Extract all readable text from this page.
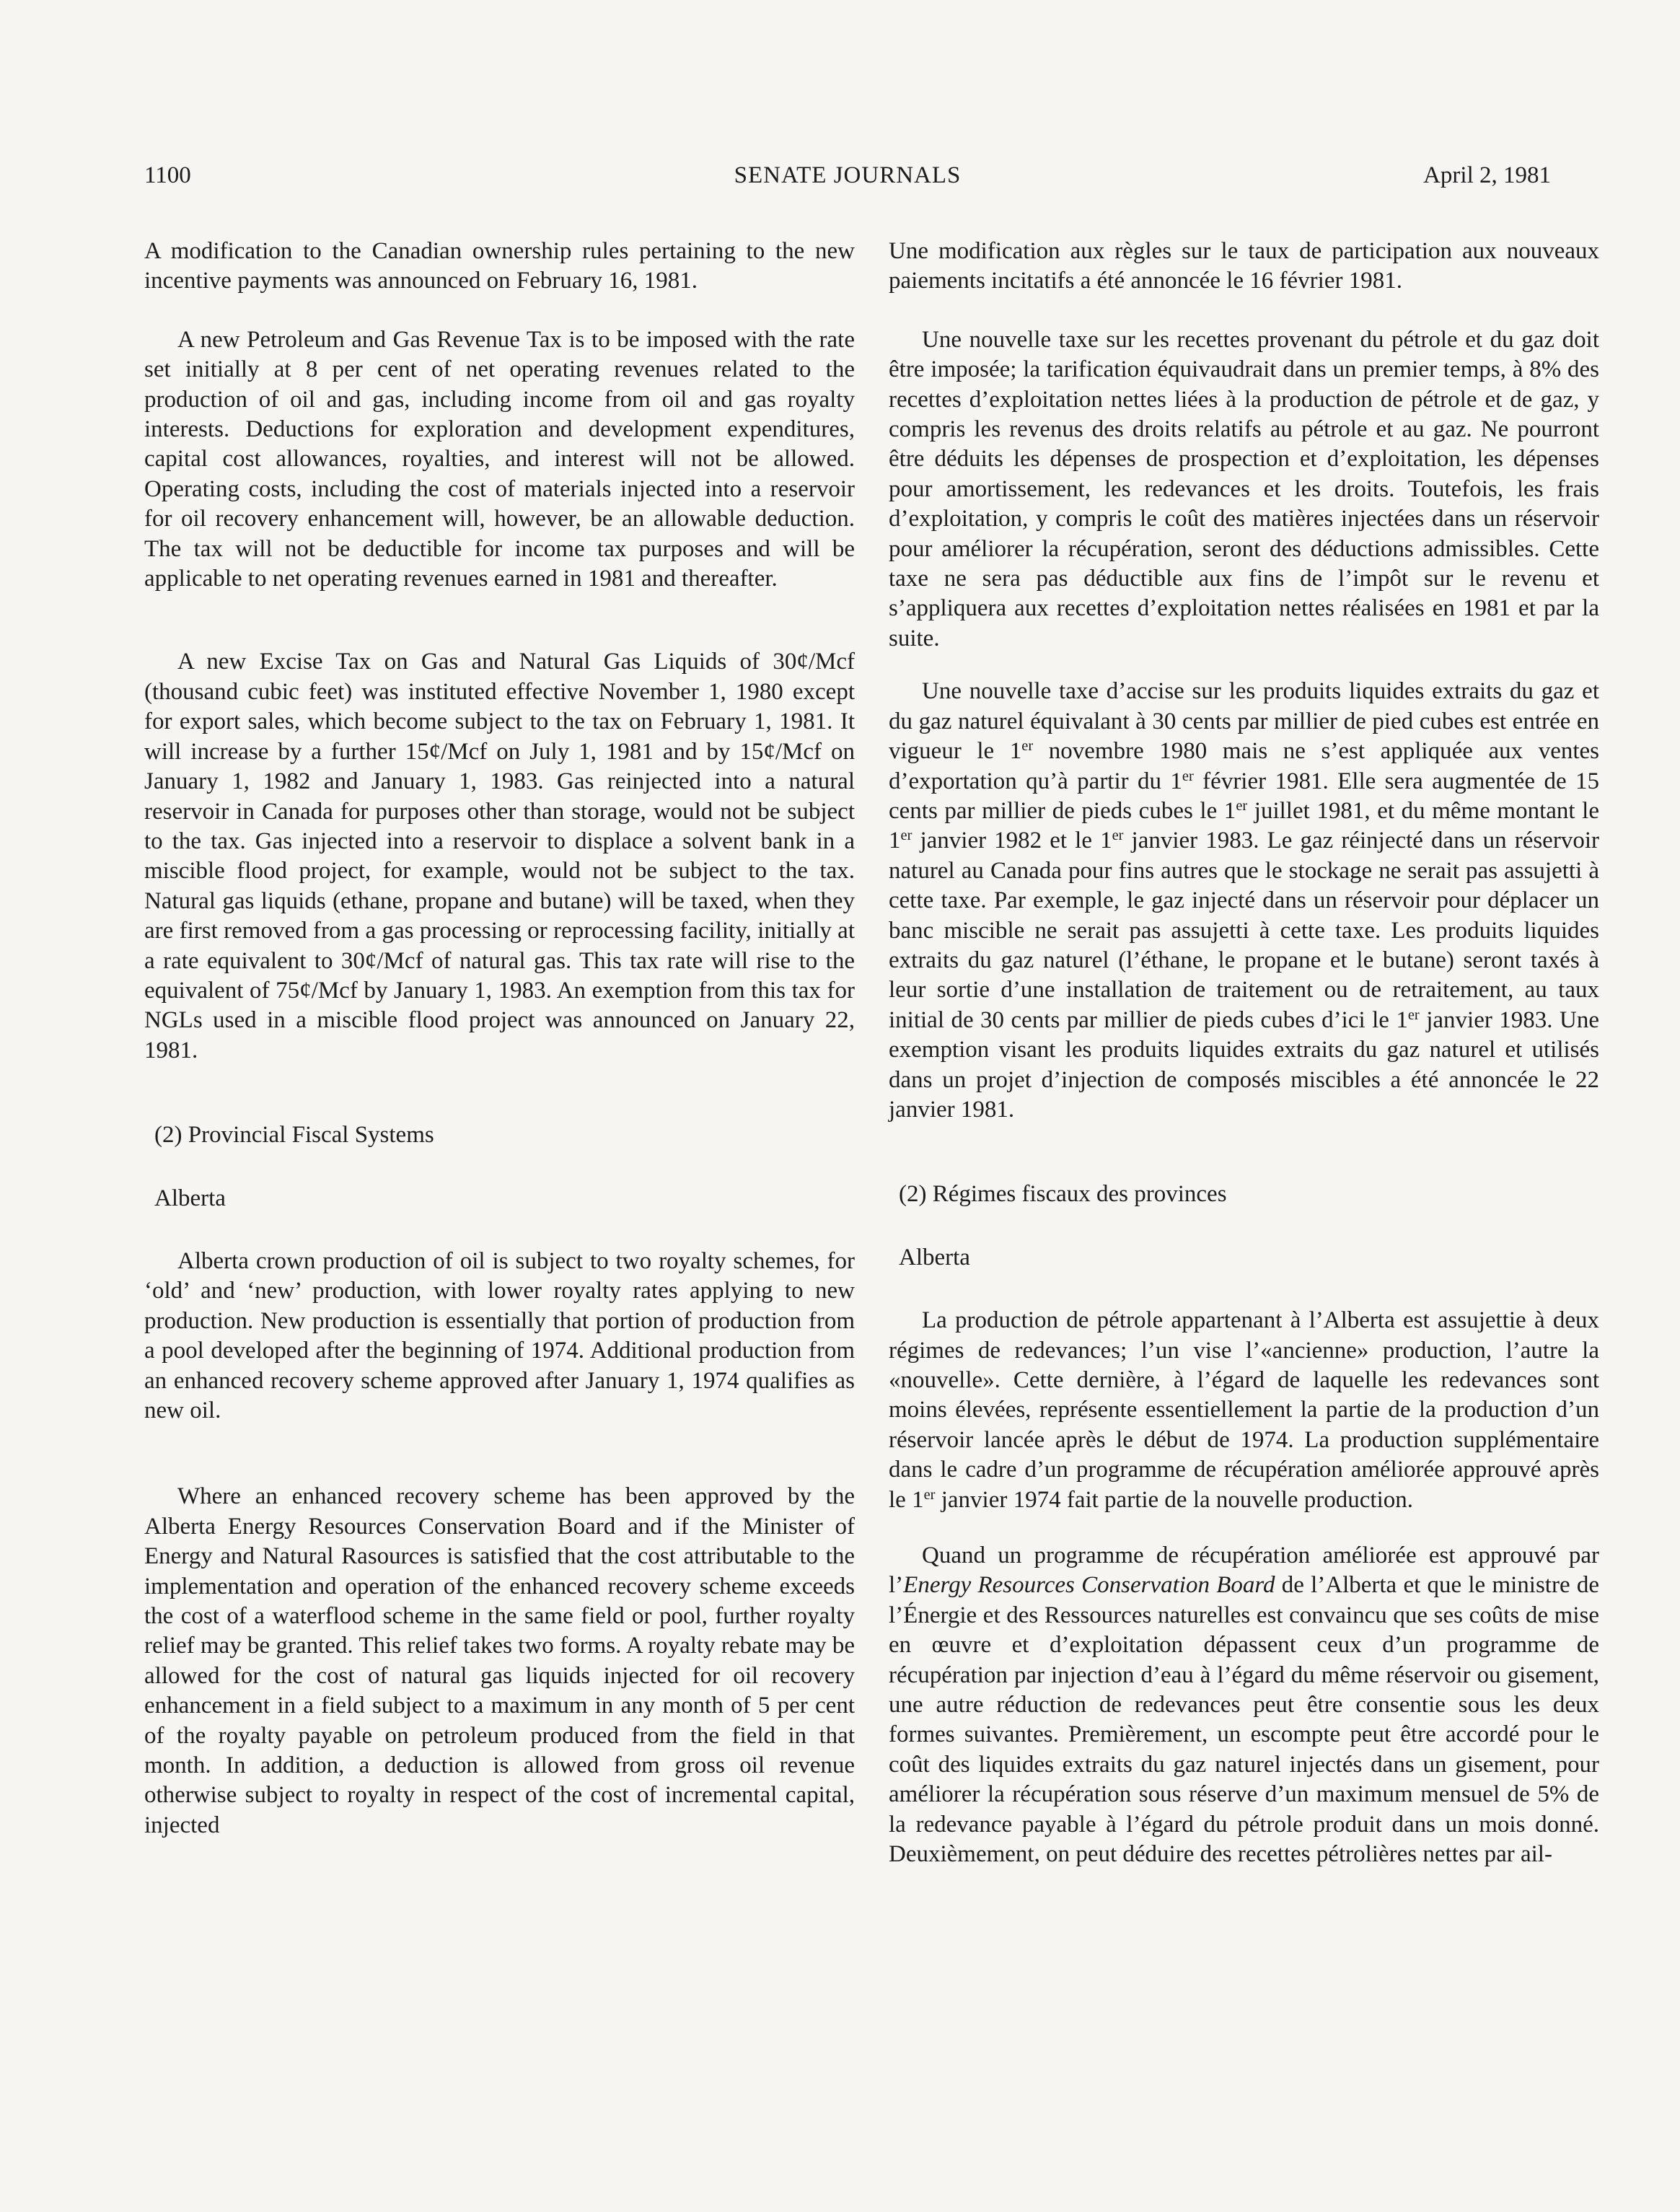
1100	SENATE JOURNALS	April 2, 1981

A modification to the Canadian ownership rules pertaining to the new incentive payments was announced on February 16, 1981.

A new Petroleum and Gas Revenue Tax is to be imposed with the rate set initially at 8 per cent of net operating revenues related to the production of oil and gas, including income from oil and gas royalty interests. Deductions for exploration and development expenditures, capital cost allowances, royalties, and interest will not be allowed. Operating costs, including the cost of materials injected into a reservoir for oil recovery enhancement will, however, be an allowable deduction. The tax will not be deductible for income tax purposes and will be applicable to net operating revenues earned in 1981 and thereafter.

A new Excise Tax on Gas and Natural Gas Liquids of 30¢/Mcf (thousand cubic feet) was instituted effective November 1, 1980 except for export sales, which become subject to the tax on February 1, 1981. It will increase by a further 15¢/Mcf on July 1, 1981 and by 15¢/Mcf on January 1, 1982 and January 1, 1983. Gas reinjected into a natural reservoir in Canada for purposes other than storage, would not be subject to the tax. Gas injected into a reservoir to displace a solvent bank in a miscible flood project, for example, would not be subject to the tax. Natural gas liquids (ethane, propane and butane) will be taxed, when they are first removed from a gas processing or reprocessing facility, initially at a rate equivalent to 30¢/Mcf of natural gas. This tax rate will rise to the equivalent of 75¢/Mcf by January 1, 1983. An exemption from this tax for NGLs used in a miscible flood project was announced on January 22, 1981.

(2) Provincial Fiscal Systems
Alberta

Alberta crown production of oil is subject to two royalty schemes, for ‘old’ and ‘new’ production, with lower royalty rates applying to new production. New production is essentially that portion of production from a pool developed after the beginning of 1974. Additional production from an enhanced recovery scheme approved after January 1, 1974 qualifies as new oil.

Where an enhanced recovery scheme has been approved by the Alberta Energy Resources Conservation Board and if the Minister of Energy and Natural Rasources is satisfied that the cost attributable to the implementation and operation of the enhanced recovery scheme exceeds the cost of a waterflood scheme in the same field or pool, further royalty relief may be granted. This relief takes two forms. A royalty rebate may be allowed for the cost of natural gas liquids injected for oil recovery enhancement in a field subject to a maximum in any month of 5 per cent of the royalty payable on petroleum produced from the field in that month. In addition, a deduction is allowed from gross oil revenue otherwise subject to royalty in respect of the cost of incremental capital, injected

Une modification aux règles sur le taux de participation aux nouveaux paiements incitatifs a été annoncée le 16 février 1981.

Une nouvelle taxe sur les recettes provenant du pétrole et du gaz doit être imposée; la tarification équivaudrait dans un premier temps, à 8% des recettes d’exploitation nettes liées à la production de pétrole et de gaz, y compris les revenus des droits relatifs au pétrole et au gaz. Ne pourront être déduits les dépenses de prospection et d’exploitation, les dépenses pour amortissement, les redevances et les droits. Toutefois, les frais d’exploitation, y compris le coût des matières injectées dans un réservoir pour améliorer la récupération, seront des déductions admissibles. Cette taxe ne sera pas déductible aux fins de l’impôt sur le revenu et s’appliquera aux recettes d’exploitation nettes réalisées en 1981 et par la suite.

Une nouvelle taxe d’accise sur les produits liquides extraits du gaz et du gaz naturel équivalant à 30 cents par millier de pied cubes est entrée en vigueur le 1er novembre 1980 mais ne s’est appliquée aux ventes d’exportation qu’à partir du 1er février 1981. Elle sera augmentée de 15 cents par millier de pieds cubes le 1er juillet 1981, et du même montant le 1er janvier 1982 et le 1er janvier 1983. Le gaz réinjecté dans un réservoir naturel au Canada pour fins autres que le stockage ne serait pas assujetti à cette taxe. Par exemple, le gaz injecté dans un réservoir pour déplacer un banc miscible ne serait pas assujetti à cette taxe. Les produits liquides extraits du gaz naturel (l’éthane, le propane et le butane) seront taxés à leur sortie d’une installation de traitement ou de retraitement, au taux initial de 30 cents par millier de pieds cubes d’ici le 1er janvier 1983. Une exemption visant les produits liquides extraits du gaz naturel et utilisés dans un projet d’injection de composés miscibles a été annoncée le 22 janvier 1981.

(2) Régimes fiscaux des provinces
Alberta

La production de pétrole appartenant à l’Alberta est assujettie à deux régimes de redevances; l’un vise l’«ancienne» production, l’autre la «nouvelle». Cette dernière, à l’égard de laquelle les redevances sont moins élevées, représente essentiellement la partie de la production d’un réservoir lancée après le début de 1974. La production supplémentaire dans le cadre d’un programme de récupération améliorée approuvé après le 1er janvier 1974 fait partie de la nouvelle production.

Quand un programme de récupération améliorée est approuvé par l’Energy Resources Conservation Board de l’Alberta et que le ministre de l’Énergie et des Ressources naturelles est convaincu que ses coûts de mise en œuvre et d’exploitation dépassent ceux d’un programme de récupération par injection d’eau à l’égard du même réservoir ou gisement, une autre réduction de redevances peut être consentie sous les deux formes suivantes. Premièrement, un escompte peut être accordé pour le coût des liquides extraits du gaz naturel injectés dans un gisement, pour améliorer la récupération sous réserve d’un maximum mensuel de 5% de la redevance payable à l’égard du pétrole produit dans un mois donné. Deuxièmement, on peut déduire des recettes pétrolières nettes par ail-
